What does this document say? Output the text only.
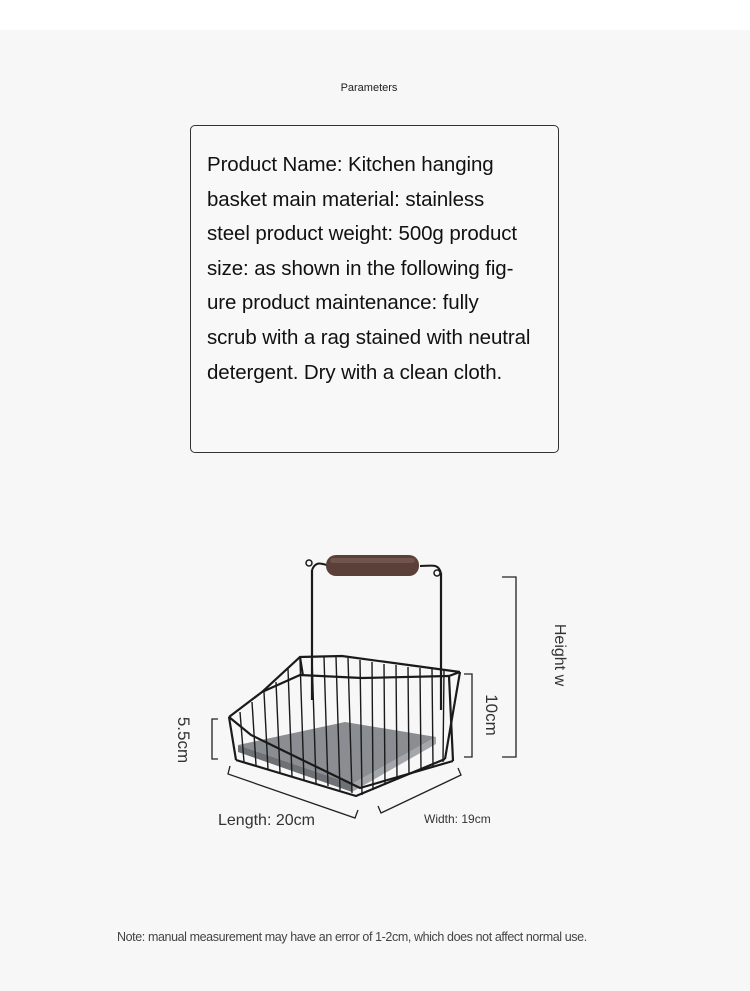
Parameters

Product Name: Kitchen hanging
basket main material: stainless
steel product weight: 500g product
size: as shown in the following fig-
ure product maintenance: fully
scrub with a rag stained with neutral
detergent. Dry with a clean cloth.

Length: 20cm	Width: 19cm
Height w
10cm
5.5cm
Note: manual measurement may have an error of 1-2cm, which does not affect normal use.
